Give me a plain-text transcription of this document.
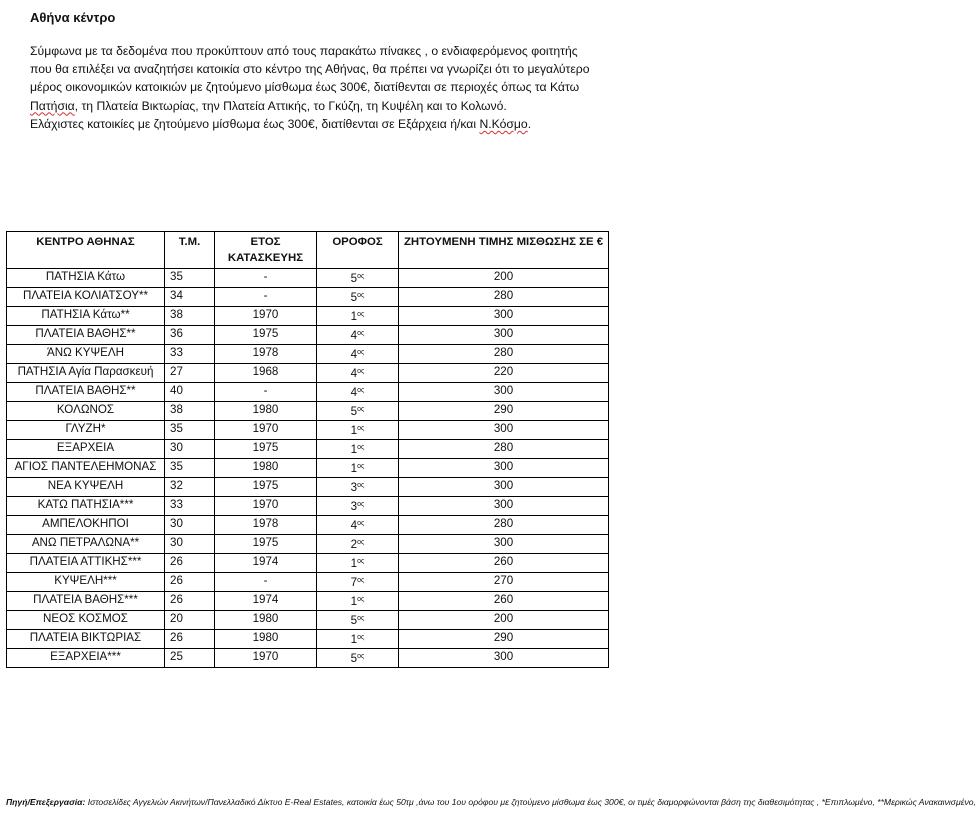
Αθήνα κέντρο

Σύμφωνα με τα δεδομένα που προκύπτουν από τους παρακάτω πίνακες , ο ενδιαφερόμενος φοιτητής που θα επιλέξει να αναζητήσει κατοικία στο κέντρο της Αθήνας, θα πρέπει να γνωρίζει ότι το μεγαλύτερο μέρος οικονομικών κατοικιών με ζητούμενο μίσθωμα έως 300€, διατίθενται σε περιοχές όπως τα Κάτω Πατήσια, τη Πλατεία Βικτωρίας, την Πλατεία Αττικής, το Γκύζη, τη Κυψέλη και το Κολωνό.

Ελάχιστες κατοικίες με ζητούμενο μίσθωμα έως 300€, διατίθενται σε Εξάρχεια ή/και Ν.Κόσμο.

ΚΕΝΤΡΟ ΑΘΗΝΑΣ	Τ.Μ.	ΕΤΟΣ ΚΑΤΑΣΚΕΥΗΣ	ΟΡΟΦΟΣ	ΖΗΤΟΥΜΕΝΗ ΤΙΜΗΣ ΜΙΣΘΩΣΗΣ ΣΕ €
ΠΑΤΗΣΙΑ Κάτω	35	-	$5^{o\varsigma}$	200
ΠΛΑΤΕΙΑ ΚΟΛΙΑΤΣΟΥ**	34	-	$5^{o\varsigma}$	280
ΠΑΤΗΣΙΑ Κάτω**	38	1970	$1^{o\varsigma}$	300
ΠΛΑΤΕΙΑ ΒΑΘΗΣ**	36	1975	$4^{o\varsigma}$	300
ΆΝΩ ΚΥΨΕΛΗ	33	1978	$4^{o\varsigma}$	280
ΠΑΤΗΣΙΑ Αγία Παρασκευή	27	1968	$4^{o\varsigma}$	220
ΠΛΑΤΕΙΑ ΒΑΘΗΣ**	40	-	$4^{o\varsigma}$	300
ΚΟΛΩΝΟΣ	38	1980	$5^{o\varsigma}$	290
ΓΛΥΖΗ*	35	1970	$1^{o\varsigma}$	300
ΕΞΑΡΧΕΙΑ	30	1975	$1^{o\varsigma}$	280
ΑΓΙΟΣ ΠΑΝΤΕΛΕΗΜΟΝΑΣ	35	1980	$1^{o\varsigma}$	300
ΝΕΑ ΚΥΨΕΛΗ	32	1975	$3^{o\varsigma}$	300
ΚΑΤΩ ΠΑΤΗΣΙΑ***	33	1970	$3^{o\varsigma}$	300
ΑΜΠΕΛΟΚΗΠΟΙ	30	1978	$4^{o\varsigma}$	280
ΑΝΩ ΠΕΤΡΑΛΩΝΑ**	30	1975	$2^{o\varsigma}$	300
ΠΛΑΤΕΙΑ ΑΤΤΙΚΗΣ***	26	1974	$1^{o\varsigma}$	260
ΚΥΨΕΛΗ***	26	-	$7^{o\varsigma}$	270
ΠΛΑΤΕΙΑ ΒΑΘΗΣ***	26	1974	$1^{o\varsigma}$	260
ΝΕΟΣ ΚΟΣΜΟΣ	20	1980	$5^{o\varsigma}$	200
ΠΛΑΤΕΙΑ ΒΙΚΤΩΡΙΑΣ	26	1980	$1^{o\varsigma}$	290
ΕΞΑΡΧΕΙΑ***	25	1970	$5^{o\varsigma}$	300
Πηγή/Επεξεργασία: Ιστοσελίδες Αγγελιών Ακινήτων/Πανελλαδικό Δίκτυο E-Real Estates, κατοικία έως 50τμ ,άνω του 1ου ορόφου με ζητούμενο μίσθωμα έως 300€, οι τιμές διαμορφώνονται βάση της διαθεσιμότητας , *Επιπλωμένο, **Μερικώς Ανακαινισμένο,
